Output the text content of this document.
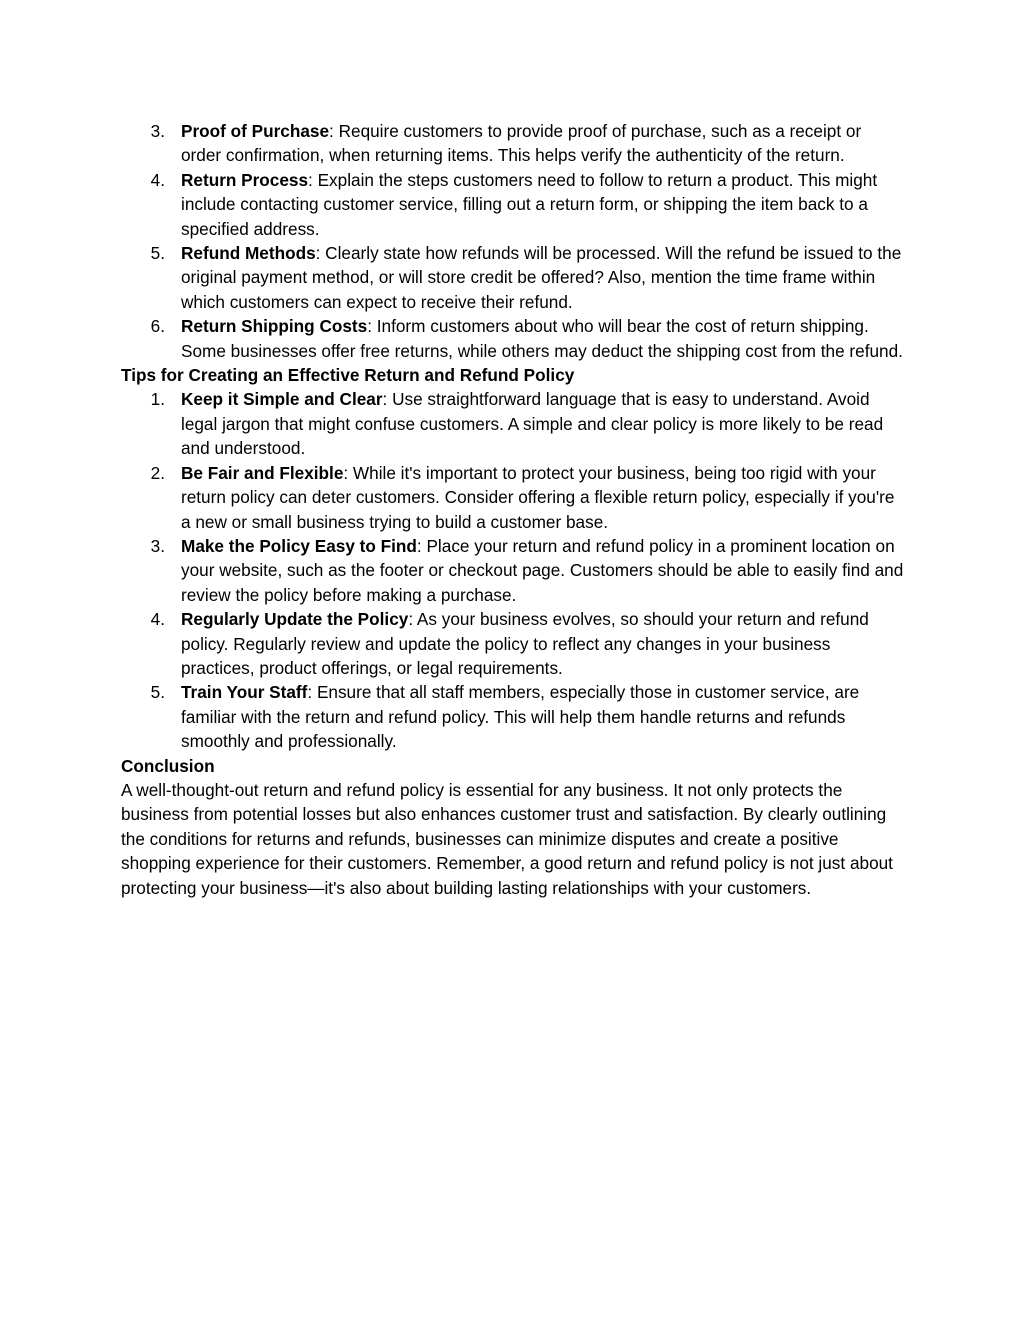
3. Proof of Purchase: Require customers to provide proof of purchase, such as a receipt or order confirmation, when returning items. This helps verify the authenticity of the return.
4. Return Process: Explain the steps customers need to follow to return a product. This might include contacting customer service, filling out a return form, or shipping the item back to a specified address.
5. Refund Methods: Clearly state how refunds will be processed. Will the refund be issued to the original payment method, or will store credit be offered? Also, mention the time frame within which customers can expect to receive their refund.
6. Return Shipping Costs: Inform customers about who will bear the cost of return shipping. Some businesses offer free returns, while others may deduct the shipping cost from the refund.
Tips for Creating an Effective Return and Refund Policy
1. Keep it Simple and Clear: Use straightforward language that is easy to understand. Avoid legal jargon that might confuse customers. A simple and clear policy is more likely to be read and understood.
2. Be Fair and Flexible: While it's important to protect your business, being too rigid with your return policy can deter customers. Consider offering a flexible return policy, especially if you're a new or small business trying to build a customer base.
3. Make the Policy Easy to Find: Place your return and refund policy in a prominent location on your website, such as the footer or checkout page. Customers should be able to easily find and review the policy before making a purchase.
4. Regularly Update the Policy: As your business evolves, so should your return and refund policy. Regularly review and update the policy to reflect any changes in your business practices, product offerings, or legal requirements.
5. Train Your Staff: Ensure that all staff members, especially those in customer service, are familiar with the return and refund policy. This will help them handle returns and refunds smoothly and professionally.
Conclusion

A well-thought-out return and refund policy is essential for any business. It not only protects the business from potential losses but also enhances customer trust and satisfaction. By clearly outlining the conditions for returns and refunds, businesses can minimize disputes and create a positive shopping experience for their customers. Remember, a good return and refund policy is not just about protecting your business—it's also about building lasting relationships with your customers.
